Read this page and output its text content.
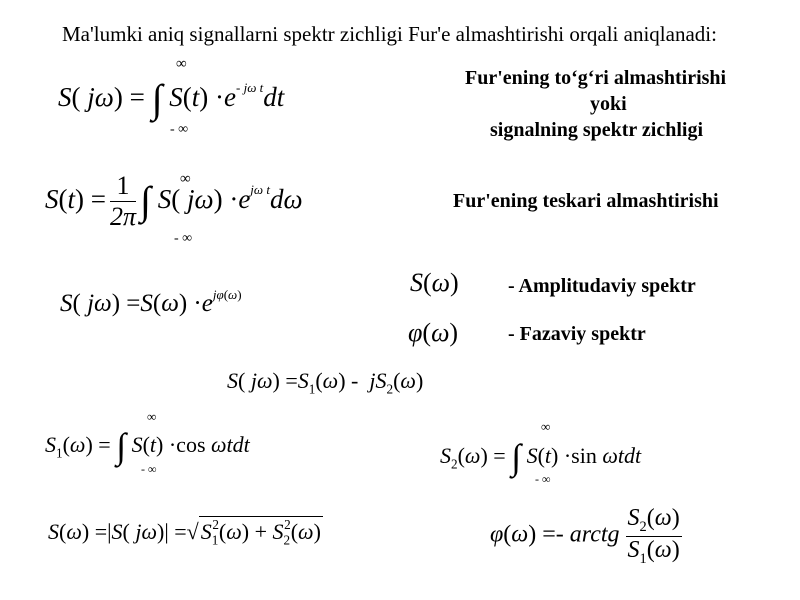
Ma'lumki aniq signallarni spektr zichligi Fur'e almashtirishi orqali aniqlanadi:
S( jω) = ∫ $S(t) \cdot e^{- j\omega t}dt$
∞
- ∞
Fur'ening to‘g‘ri almashtirishi
yoki
signalning spektr zichligi
$S(t) = \frac{1}{2\pi}$ ∫ S( $j\omega) \cdot e^{j\omega t}d\omega$
∞
- ∞
Fur'ening teskari almashtirishi
S( $j\omega) =S(\omega) \cdot e^{j\varphi(\omega)}$	S(ω) - Amplitudaviy spektr
φ(ω) - Fazaviy spektr
S( $j\omega) =S_1(\omega) - jS_2(\omega)$
$S_1(\omega)$ = ∫ S(t) ·cos ωtdt
∞
- ∞
$S_2(\omega)$ = ∫ S(t) ·sin ωtdt
∞
- ∞
S(ω) =|S( $j\omega)| =√S_1^2(\omega) + S_2^2(\omega)$	φ(ω) =- arctg $\frac{S_2(\omega)}{S_1(\omega)}$
